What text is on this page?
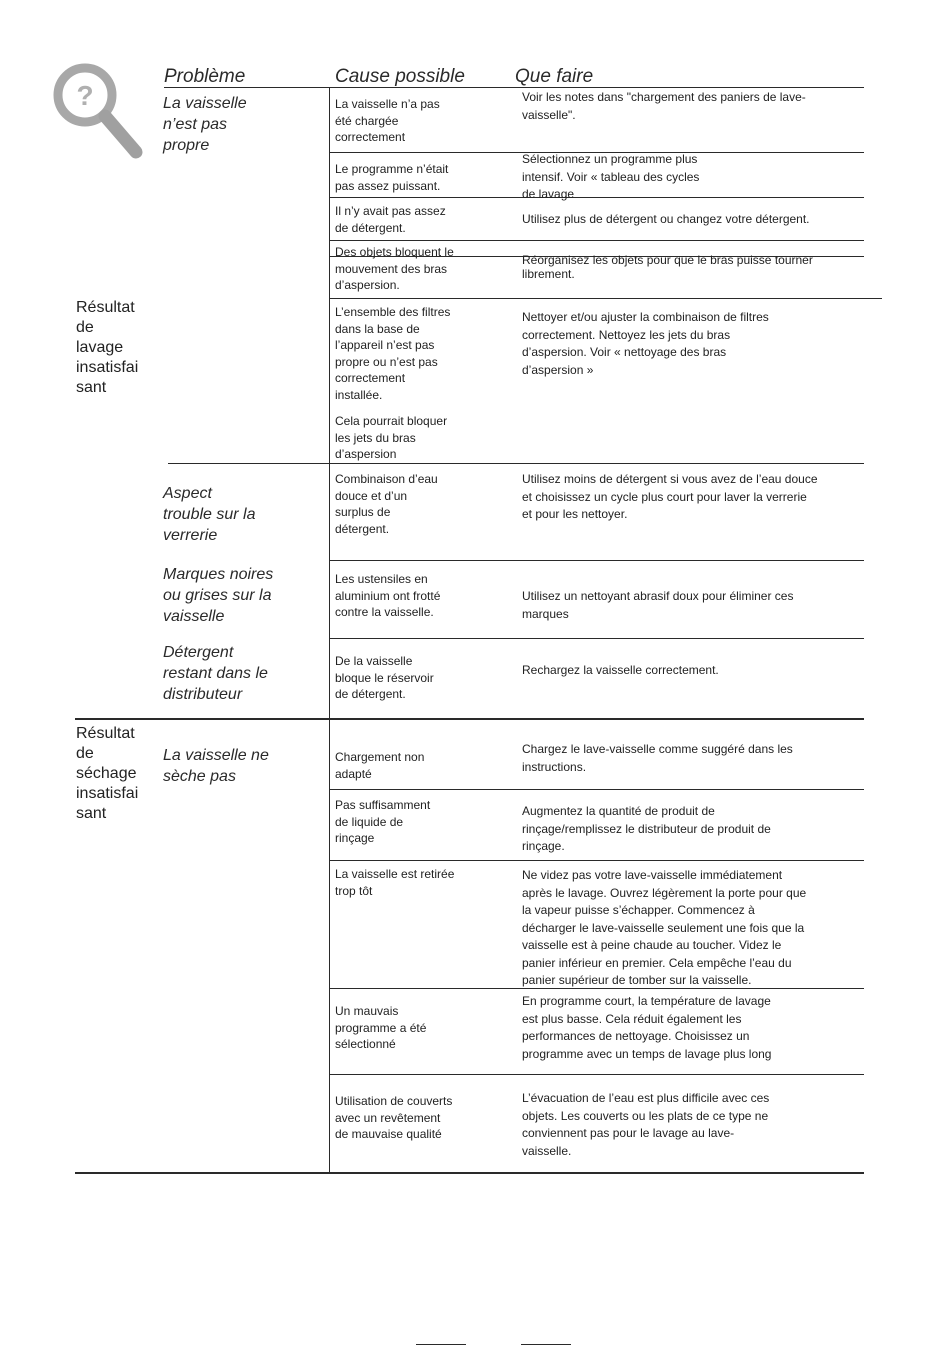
?
Problème	Cause possible	Que faire
Résultat
de
lavage
insatisfai
sant
Résultat
de
séchage
insatisfai
sant
La vaisselle
n’est pas
propre
Aspect
trouble sur la
verrerie
Marques noires
ou grises sur la
vaisselle
Détergent
restant dans le
distributeur
La vaisselle ne
sèche pas
La vaisselle n’a pas
été chargée
correctement
Le programme n’était
pas assez puissant.
Il n’y avait pas assez
de détergent.
Des objets bloquent le
mouvement des bras
d’aspersion.
L’ensemble des filtres
dans la base de
l’appareil n’est pas
propre ou n’est pas
correctement
installée.
Cela pourrait bloquer
les jets du bras
d’aspersion
Combinaison d’eau
douce et d’un
surplus de
détergent.
Les ustensiles en
aluminium ont frotté
contre la vaisselle.
De la vaisselle
bloque le réservoir
de détergent.
Chargement non
adapté
Pas suffisamment
de liquide de
rinçage
La vaisselle est retirée
trop tôt
Un mauvais
programme a été
sélectionné
Utilisation de couverts
avec un revêtement
de mauvaise qualité
Voir les notes dans "chargement des paniers de lave-
vaisselle".
Sélectionnez un programme plus
intensif. Voir « tableau des cycles
de lavage
Utilisez plus de détergent ou changez votre détergent.
Réorganisez les objets pour que le bras puisse tourner
librement.
Nettoyer et/ou ajuster la combinaison de filtres
correctement. Nettoyez les jets du bras
d’aspersion. Voir « nettoyage des bras
d’aspersion »
Utilisez moins de détergent si vous avez de l’eau douce
et choisissez un cycle plus court pour laver la verrerie
et pour les nettoyer.
Utilisez un nettoyant abrasif doux pour éliminer ces
marques
Rechargez la vaisselle correctement.
Chargez le lave-vaisselle comme suggéré dans les
instructions.
Augmentez la quantité de produit de
rinçage/remplissez le distributeur de produit de
rinçage.
Ne videz pas votre lave-vaisselle immédiatement
après le lavage. Ouvrez légèrement la porte pour que
la vapeur puisse s’échapper. Commencez à
décharger le lave-vaisselle seulement une fois que la
vaisselle est à peine chaude au toucher. Videz le
panier inférieur en premier. Cela empêche l’eau du
panier supérieur de tomber sur la vaisselle.
En programme court, la température de lavage
est plus basse. Cela réduit également les
performances de nettoyage. Choisissez un
programme avec un temps de lavage plus long
L’évacuation de l’eau est plus difficile avec ces
objets. Les couverts ou les plats de ce type ne
conviennent pas pour le lavage au lave-
vaisselle.
